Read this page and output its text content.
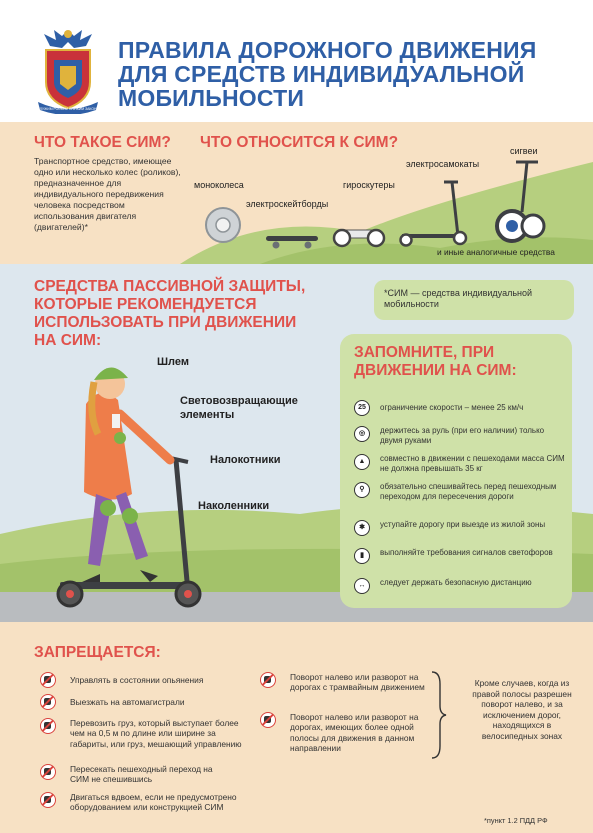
СЛУЖИМ РОССИИ СЛУЖИМ ЗАКОНУ
ПРАВИЛА ДОРОЖНОГО ДВИЖЕНИЯ
ДЛЯ СРЕДСТВ ИНДИВИДУАЛЬНОЙ
МОБИЛЬНОСТИ
ЧТО ТАКОЕ СИМ? ЧТО ОТНОСИТСЯ К СИМ?
Транспортное средство, имеющее одно или несколько колес (роликов), предназначенное для индивидуального передвижения человека посредством использования двигателя (двигателей)*
моноколеса
электроскейтборды
гироскутеры
электросамокаты
сигвеи
и иные аналогичные средства
СРЕДСТВА ПАССИВНОЙ ЗАЩИТЫ,
КОТОРЫЕ РЕКОМЕНДУЕТСЯ
ИСПОЛЬЗОВАТЬ ПРИ ДВИЖЕНИИ
НА СИМ:
*СИМ — средства индивидуальной мобильности
Шлем
Световозвращающие
элементы
Налокотники
Наколенники
ЗАПОМНИТЕ, ПРИ
ДВИЖЕНИИ НА СИМ:
25	ограничение скорости – менее 25 км/ч
◎	держитесь за руль (при его наличии) только двумя руками
▲	совместно в движении с пешеходами масса СИМ не должна превышать 35 кг
⚲	обязательно спешивайтесь перед пешеходным переходом для пересечения дороги
✱	уступайте дорогу при выезде из жилой зоны
▮	выполняйте требования сигналов светофоров
↔	следует держать безопасную дистанцию
ЗАПРЕЩАЕТСЯ:
Управлять в состоянии опьянения
Выезжать на автомагистрали
Перевозить груз, который выступает более чем на 0,5 м по длине или ширине за габариты, или груз, мешающий управлению
Пересекать пешеходный переход на СИМ не спешившись
Двигаться вдвоем, если не предусмотрено оборудованием или конструкцией СИМ
Поворот налево или разворот на дорогах с трамвайным движением
Поворот налево или разворот на дорогах, имеющих более одной полосы для движения в данном направлении
Кроме случаев, когда из правой полосы разрешен поворот налево, и за исключением дорог, находящихся в велосипедных зонах
*пункт 1.2 ПДД РФ
